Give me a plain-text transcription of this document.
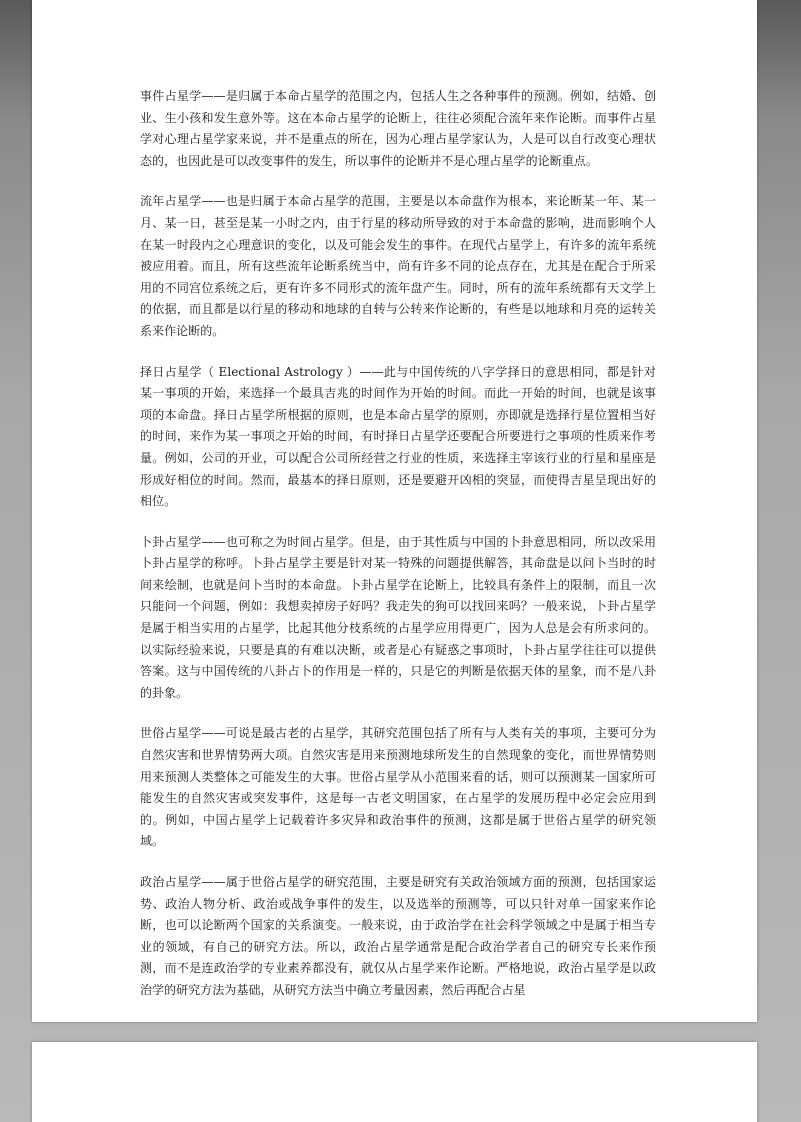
事件占星学——是归属于本命占星学的范围之内，包括人生之各种事件的预测。例如，结婚、创业、生小孩和发生意外等。这在本命占星学的论断上，往往必须配合流年来作论断。而事件占星学对心理占星学家来说，并不是重点的所在，因为心理占星学家认为，人是可以自行改变心理状态的，也因此是可以改变事件的发生，所以事件的论断并不是心理占星学的论断重点。

流年占星学——也是归属于本命占星学的范围，主要是以本命盘作为根本，来论断某一年、某一月、某一日，甚至是某一小时之内，由于行星的移动所导致的对于本命盘的影响，进而影响个人在某一时段内之心理意识的变化，以及可能会发生的事件。在现代占星学上，有许多的流年系统被应用着。而且，所有这些流年论断系统当中，尚有许多不同的论点存在，尤其是在配合于所采用的不同宫位系统之后，更有许多不同形式的流年盘产生。同时，所有的流年系统都有天文学上的依据，而且都是以行星的移动和地球的自转与公转来作论断的，有些是以地球和月亮的运转关系来作论断的。

择日占星学（ Electional Astrology ）——此与中国传统的八字学择日的意思相同，都是针对某一事项的开始，来选择一个最具吉兆的时间作为开始的时间。而此一开始的时间，也就是该事项的本命盘。择日占星学所根据的原则，也是本命占星学的原则，亦即就是选择行星位置相当好的时间，来作为某一事项之开始的时间，有时择日占星学还要配合所要进行之事项的性质来作考量。例如，公司的开业，可以配合公司所经营之行业的性质，来选择主宰该行业的行星和星座是形成好相位的时间。然而，最基本的择日原则，还是要避开凶相的突显，而使得吉星呈现出好的相位。

卜卦占星学——也可称之为时间占星学。但是，由于其性质与中国的卜卦意思相同，所以改采用卜卦占星学的称呼。卜卦占星学主要是针对某一特殊的问题提供解答，其命盘是以问卜当时的时间来绘制，也就是问卜当时的本命盘。卜卦占星学在论断上，比较具有条件上的限制，而且一次只能问一个问题，例如：我想卖掉房子好吗？我走失的狗可以找回来吗？一般来说，卜卦占星学是属于相当实用的占星学，比起其他分枝系统的占星学应用得更广，因为人总是会有所求问的。以实际经验来说，只要是真的有难以决断，或者是心有疑惑之事项时，卜卦占星学往往可以提供答案。这与中国传统的八卦占卜的作用是一样的，只是它的判断是依据天体的星象，而不是八卦的卦象。

世俗占星学——可说是最古老的占星学，其研究范围包括了所有与人类有关的事项，主要可分为自然灾害和世界情势两大项。自然灾害是用来预测地球所发生的自然现象的变化，而世界情势则用来预测人类整体之可能发生的大事。世俗占星学从小范围来看的话，则可以预测某一国家所可能发生的自然灾害或突发事件，这是每一古老文明国家，在占星学的发展历程中必定会应用到的。例如，中国占星学上记载着许多灾异和政治事件的预测，这都是属于世俗占星学的研究领域。

政治占星学——属于世俗占星学的研究范围，主要是研究有关政治领域方面的预测，包括国家运势、政治人物分析、政治或战争事件的发生，以及选举的预测等，可以只针对单一国家来作论断，也可以论断两个国家的关系演变。一般来说，由于政治学在社会科学领域之中是属于相当专业的领域，有自己的研究方法。所以，政治占星学通常是配合政治学者自己的研究专长来作预测，而不是连政治学的专业素养都没有，就仅从占星学来作论断。严格地说，政治占星学是以政治学的研究方法为基础，从研究方法当中确立考量因素，然后再配合占星
